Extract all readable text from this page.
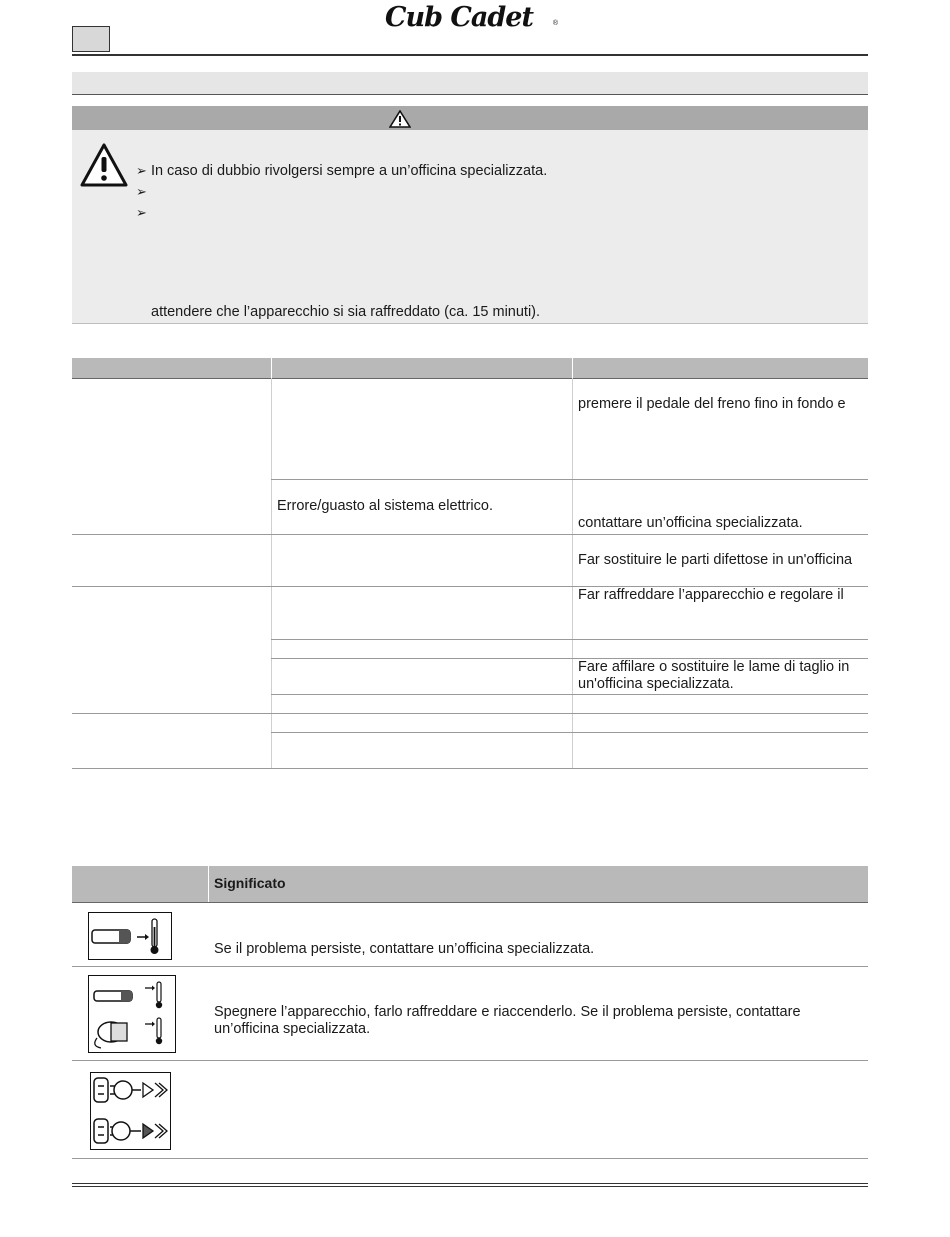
Cub Cadet	®
➢ In caso di dubbio rivolgersi sempre a un’officina specializzata.
➢
➢
attendere che l’apparecchio si sia raffreddato (ca. 15 minuti).
premere il pedale del freno fino in fondo e
Errore/guasto al sistema elettrico.
contattare un’officina specializzata.
Far sostituire le parti difettose in un'officina
Far raffreddare l’apparecchio e regolare il
Fare affilare o sostituire le lame di taglio in
un'officina specializzata.
Significato
Se il problema persiste, contattare un’officina specializzata.
Spegnere l’apparecchio, farlo raffreddare e riaccenderlo. Se il problema persiste, contattare
un’officina specializzata.
